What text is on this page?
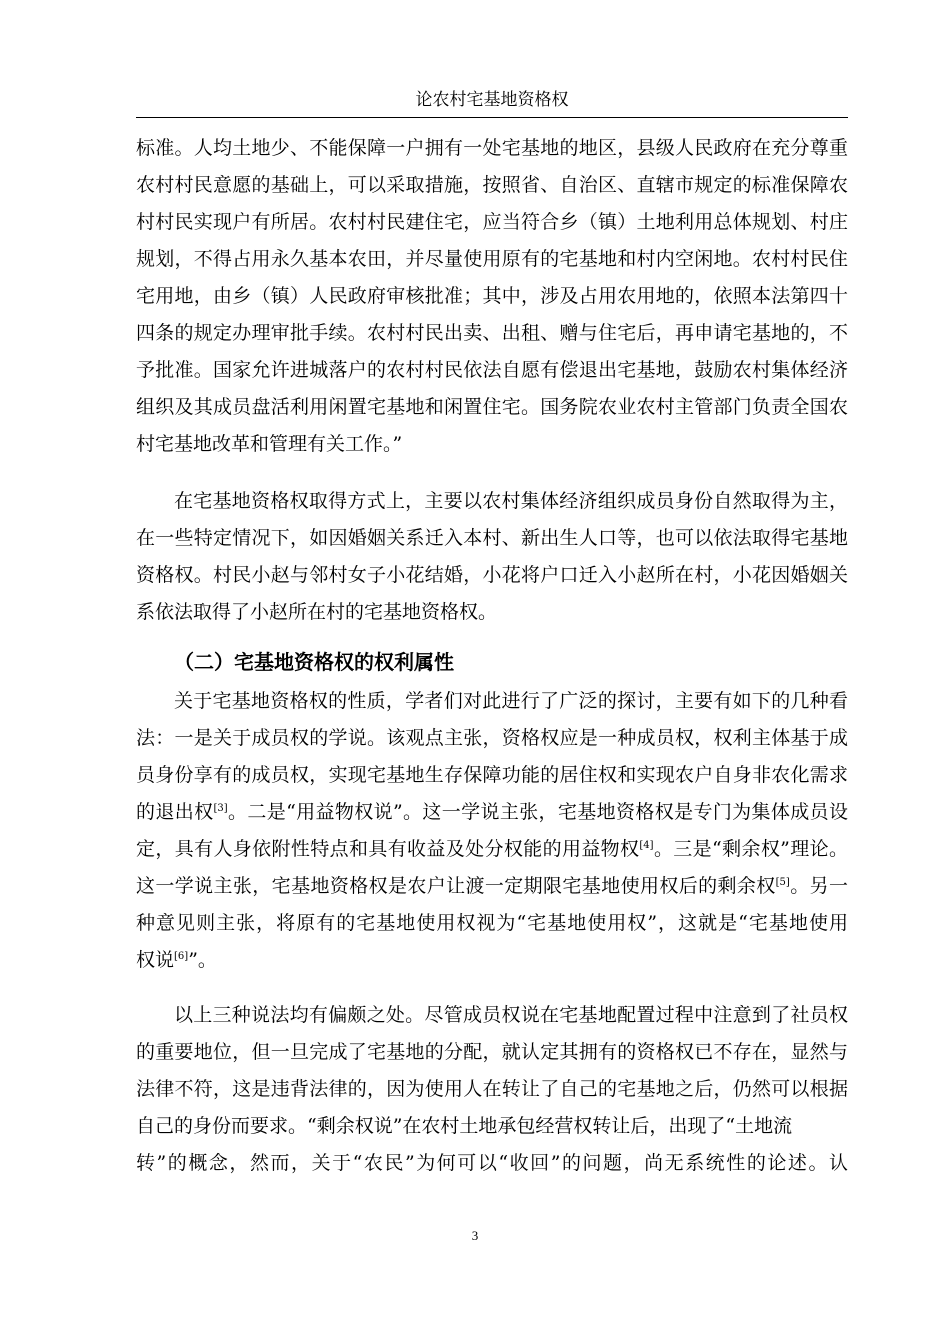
论农村宅基地资格权
标准。人均土地少、不能保障一户拥有一处宅基地的地区，县级人民政府在充分尊重
农村村民意愿的基础上，可以采取措施，按照省、自治区、直辖市规定的标准保障农
村村民实现户有所居。农村村民建住宅，应当符合乡（镇）土地利用总体规划、村庄
规划，不得占用永久基本农田，并尽量使用原有的宅基地和村内空闲地。农村村民住
宅用地，由乡（镇）人民政府审核批准；其中，涉及占用农用地的，依照本法第四十
四条的规定办理审批手续。农村村民出卖、出租、赠与住宅后，再申请宅基地的，不
予批准。国家允许进城落户的农村村民依法自愿有偿退出宅基地，鼓励农村集体经济
组织及其成员盘活利用闲置宅基地和闲置住宅。国务院农业农村主管部门负责全国农
村宅基地改革和管理有关工作。”
在宅基地资格权取得方式上，主要以农村集体经济组织成员身份自然取得为主，
在一些特定情况下，如因婚姻关系迁入本村、新出生人口等，也可以依法取得宅基地
资格权。村民小赵与邻村女子小花结婚，小花将户口迁入小赵所在村，小花因婚姻关
系依法取得了小赵所在村的宅基地资格权。
（二）宅基地资格权的权利属性
关于宅基地资格权的性质，学者们对此进行了广泛的探讨，主要有如下的几种看
法：一是关于成员权的学说。该观点主张，资格权应是一种成员权，权利主体基于成
员身份享有的成员权，实现宅基地生存保障功能的居住权和实现农户自身非农化需求
的退出权[3]。二是“用益物权说”。这一学说主张，宅基地资格权是专门为集体成员设
定，具有人身依附性特点和具有收益及处分权能的用益物权[4]。三是“剩余权”理论。
这一学说主张，宅基地资格权是农户让渡一定期限宅基地使用权后的剩余权[5]。另一
种意见则主张，将原有的宅基地使用权视为“宅基地使用权”，这就是“宅基地使用
权说[6]”。
以上三种说法均有偏颇之处。尽管成员权说在宅基地配置过程中注意到了社员权
的重要地位，但一旦完成了宅基地的分配，就认定其拥有的资格权已不存在，显然与
法律不符，这是违背法律的，因为使用人在转让了自己的宅基地之后，仍然可以根据
自己的身份而要求。“剩余权说”在农村土地承包经营权转让后，出现了“土地流
转”的概念，然而，关于“农民”为何可以“收回”的问题，尚无系统性的论述。认
3
